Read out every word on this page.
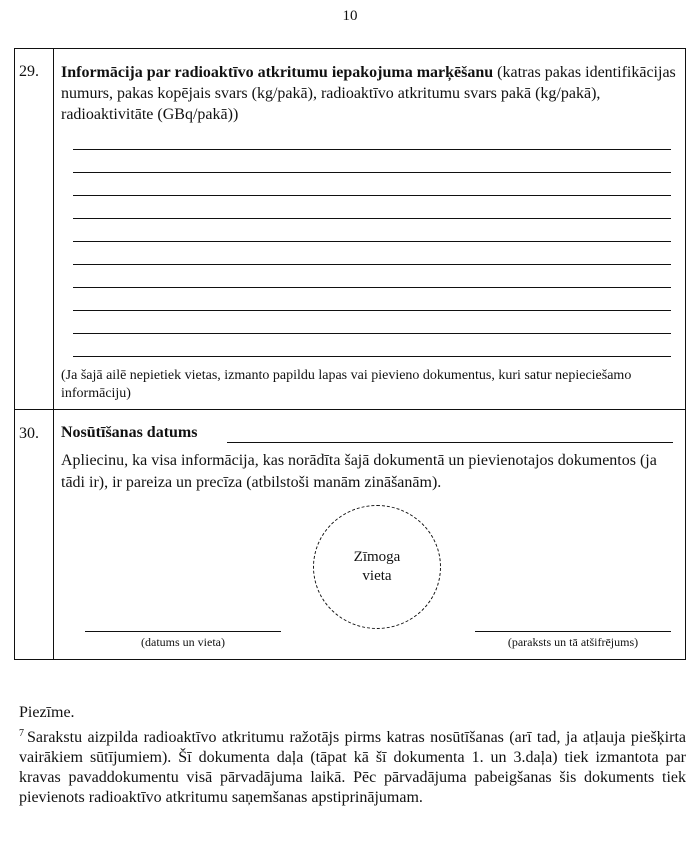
10
29. Informācija par radioaktīvo atkritumu iepakojuma marķēšanu (katras pakas identifikācijas numurs, pakas kopējais svars (kg/pakā), radioaktīvo atkritumu svars pakā (kg/pakā), radioaktivitāte (GBq/pakā))
(Ja šajā ailē nepietiek vietas, izmanto papildu lapas vai pievieno dokumentus, kuri satur nepieciešamo informāciju)
30. Nosūtīšanas datums
Apliecinu, ka visa informācija, kas norādīta šajā dokumentā un pievienotajos dokumentos (ja tādi ir), ir pareiza un precīza (atbilstoši manām zināšanām).
Zīmoga
vieta
(datums un vieta)	(paraksts un tā atšifrējums)
Piezīme.
$^7$ Sarakstu aizpilda radioaktīvo atkritumu ražotājs pirms katras nosūtīšanas (arī tad, ja atļauja piešķirta vairākiem sūtījumiem). Šī dokumenta daļa (tāpat kā šī dokumenta 1. un 3.daļa) tiek izmantota par kravas pavaddokumentu visā pārvadājuma laikā. Pēc pārvadājuma pabeigšanas šis dokuments tiek pievienots radioaktīvo atkritumu saņemšanas apstiprinājumam.
